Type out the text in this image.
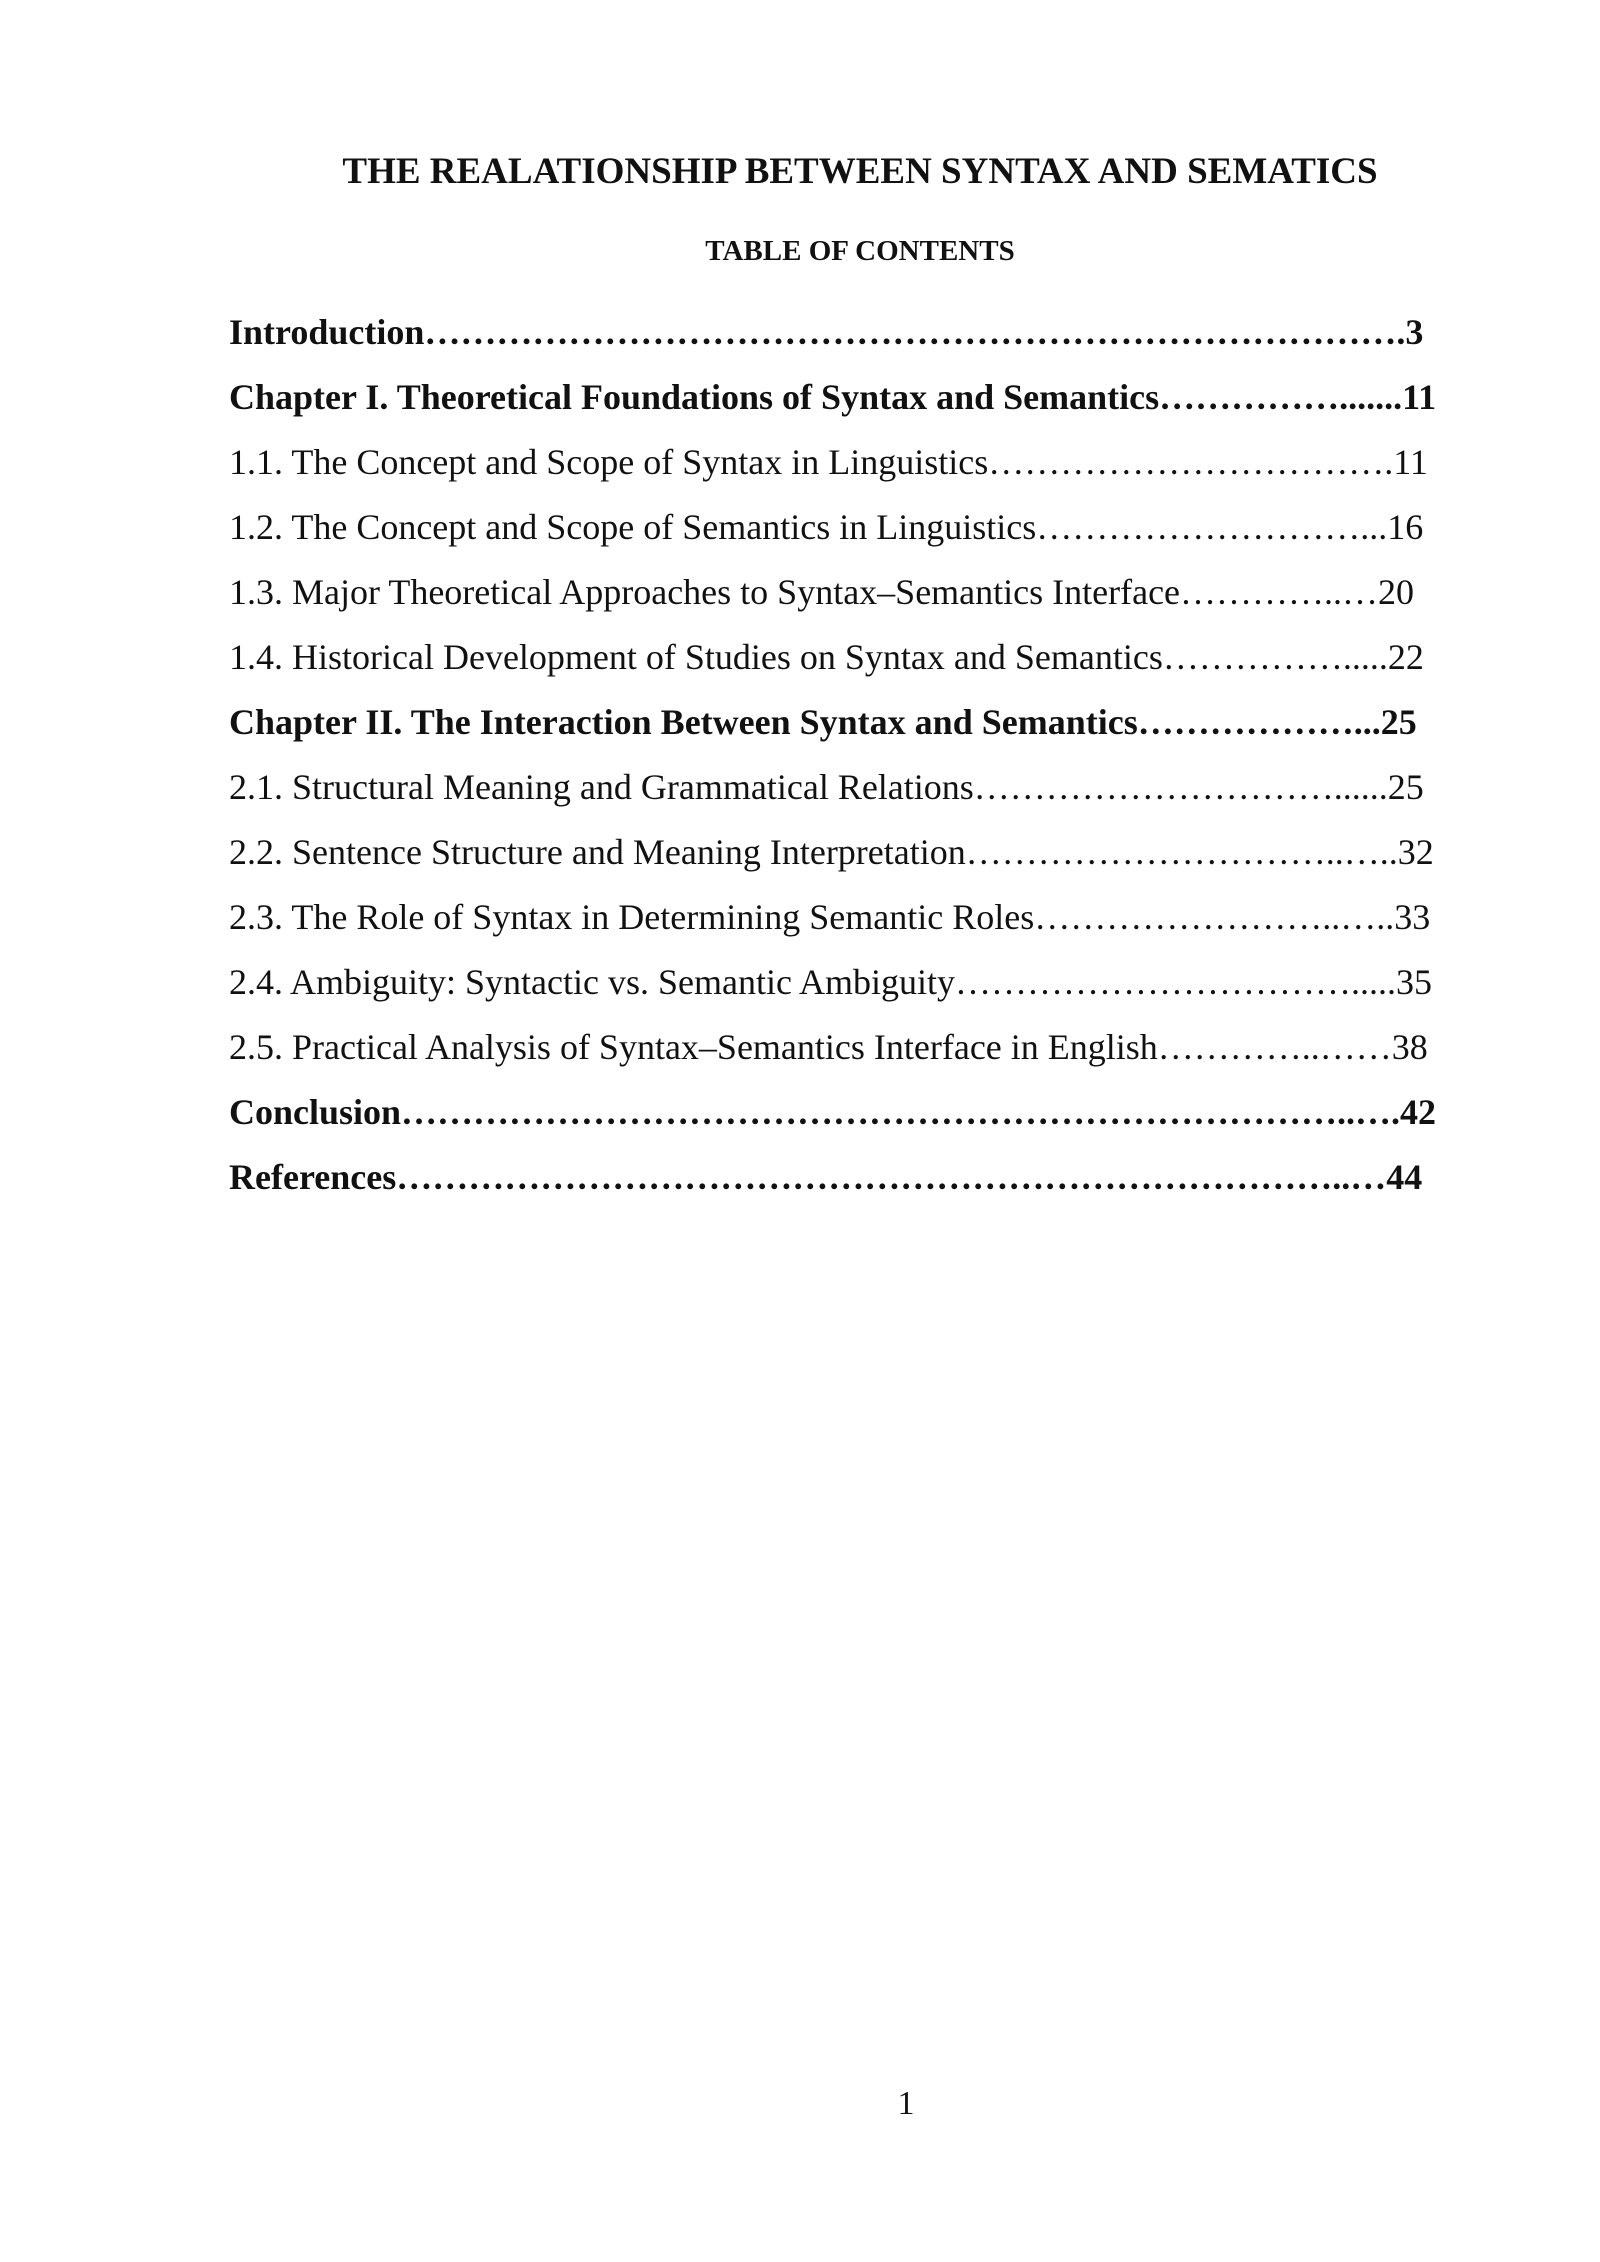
THE REALATIONSHIP BETWEEN SYNTAX AND SEMATICS
TABLE OF CONTENTS
Introduction……………………………………………………………………….3
Chapter I. Theoretical Foundations of Syntax and Semantics…………….......11
1.1. The Concept and Scope of Syntax in Linguistics…………………………….11
1.2. The Concept and Scope of Semantics in Linguistics………………………...16
1.3. Major Theoretical Approaches to Syntax–Semantics Interface…………..…20
1.4. Historical Development of Studies on Syntax and Semantics…………….....22
Chapter II. The Interaction Between Syntax and Semantics………………...25
2.1. Structural Meaning and Grammatical Relations…………………………......25
2.2. Sentence Structure and Meaning Interpretation…………………………..…..32
2.3. The Role of Syntax in Determining Semantic Roles……………………..…..33
2.4. Ambiguity: Syntactic vs. Semantic Ambiguity…………………………….....35
2.5. Practical Analysis of Syntax–Semantics Interface in English…………..……38
Conclusion……………………………………………………………………..….42
References……………………………………………………………………..…44
1
